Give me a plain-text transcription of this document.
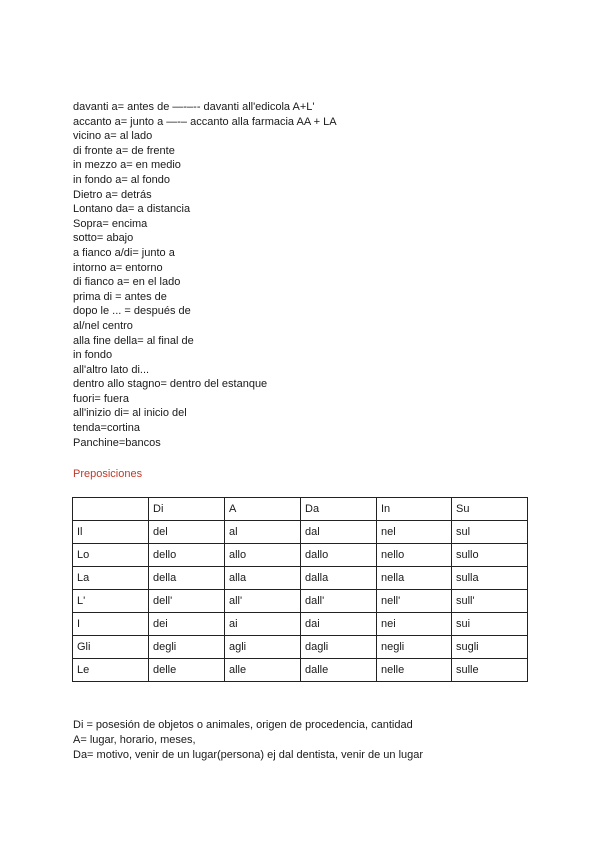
davanti a= antes de —-–-- davanti all'edicola A+L'
accanto a= junto a —-– accanto alla farmacia AA + LA
vicino a= al lado
di fronte a= de frente
in mezzo a= en medio
in fondo a= al fondo
Dietro a= detrás
Lontano da= a distancia
Sopra= encima
sotto= abajo
a fianco a/di= junto a
intorno a= entorno
di fianco a= en el lado
prima di = antes de
dopo le ... = después de
al/nel centro
alla fine della= al final de
in fondo
all'altro lato di...
dentro allo stagno= dentro del estanque
fuori= fuera
all'inizio di= al inicio del
tenda=cortina
Panchine=bancos
Preposiciones
	Di	A	Da	In	Su
Il	del	al	dal	nel	sul
Lo	dello	allo	dallo	nello	sullo
La	della	alla	dalla	nella	sulla
L'	dell'	all'	dall'	nell'	sull'
I	dei	ai	dai	nei	sui
Gli	degli	agli	dagli	negli	sugli
Le	delle	alle	dalle	nelle	sulle
Di = posesión de objetos o animales, origen de procedencia, cantidad
A= lugar, horario, meses,
Da= motivo, venir de un lugar(persona) ej dal dentista, venir de un lugar
